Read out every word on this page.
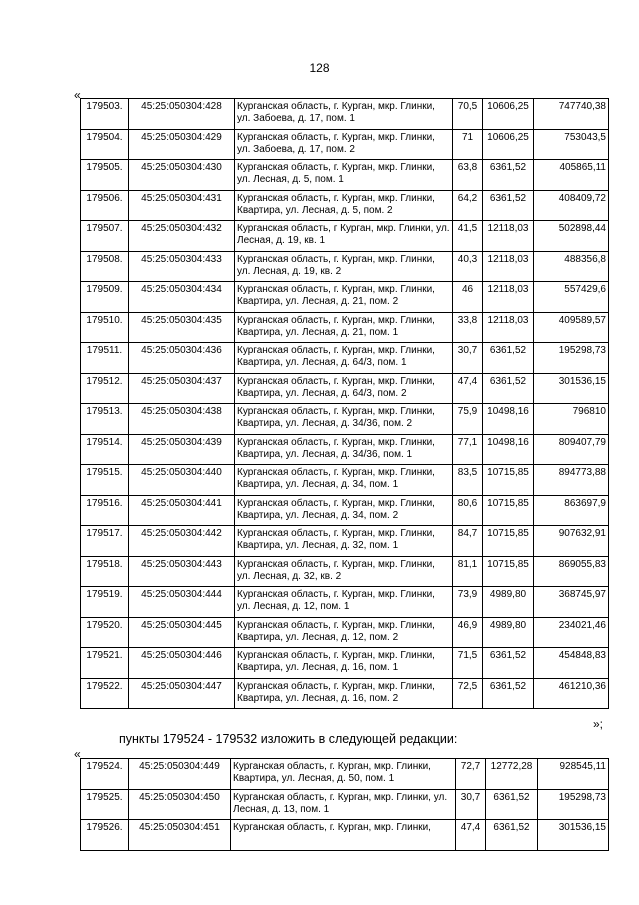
128
«
179503.	45:25:050304:428	Курганская область, г. Курган, мкр. Глинки, ул. Забоева, д. 17, пом. 1	70,5	10606,25	747740,38
179504.	45:25:050304:429	Курганская область, г. Курган, мкр. Глинки, ул. Забоева, д. 17, пом. 2	71	10606,25	753043,5
179505.	45:25:050304:430	Курганская область, г. Курган, мкр. Глинки, ул. Лесная, д. 5, пом. 1	63,8	6361,52	405865,11
179506.	45:25:050304:431	Курганская область, г. Курган, мкр. Глинки, Квартира, ул. Лесная, д. 5, пом. 2	64,2	6361,52	408409,72
179507.	45:25:050304:432	Курганская область, г Курган, мкр. Глинки, ул. Лесная, д. 19, кв. 1	41,5	12118,03	502898,44
179508.	45:25:050304:433	Курганская область, г. Курган, мкр. Глинки, ул. Лесная, д. 19, кв. 2	40,3	12118,03	488356,8
179509.	45:25:050304:434	Курганская область, г. Курган, мкр. Глинки, Квартира, ул. Лесная, д. 21, пом. 2	46	12118,03	557429,6
179510.	45:25:050304:435	Курганская область, г. Курган, мкр. Глинки, Квартира, ул. Лесная, д. 21, пом. 1	33,8	12118,03	409589,57
179511.	45:25:050304:436	Курганская область, г. Курган, мкр. Глинки, Квартира, ул. Лесная, д. 64/3, пом. 1	30,7	6361,52	195298,73
179512.	45:25:050304:437	Курганская область, г. Курган, мкр. Глинки, Квартира, ул. Лесная, д. 64/3, пом. 2	47,4	6361,52	301536,15
179513.	45:25:050304:438	Курганская область, г. Курган, мкр. Глинки, Квартира, ул. Лесная, д. 34/36, пом. 2	75,9	10498,16	796810
179514.	45:25:050304:439	Курганская область, г. Курган, мкр. Глинки, Квартира, ул. Лесная, д. 34/36, пом. 1	77,1	10498,16	809407,79
179515.	45:25:050304:440	Курганская область, г. Курган, мкр. Глинки, Квартира, ул. Лесная, д. 34, пом. 1	83,5	10715,85	894773,88
179516.	45:25:050304:441	Курганская область, г. Курган, мкр. Глинки, Квартира, ул. Лесная, д. 34, пом. 2	80,6	10715,85	863697,9
179517.	45:25:050304:442	Курганская область, г. Курган, мкр. Глинки, Квартира, ул. Лесная, д. 32, пом. 1	84,7	10715,85	907632,91
179518.	45:25:050304:443	Курганская область, г. Курган, мкр. Глинки, ул. Лесная, д. 32, кв. 2	81,1	10715,85	869055,83
179519.	45:25:050304:444	Курганская область, г. Курган, мкр. Глинки, ул. Лесная, д. 12, пом. 1	73,9	4989,80	368745,97
179520.	45:25:050304:445	Курганская область, г. Курган, мкр. Глинки, Квартира, ул. Лесная, д. 12, пом. 2	46,9	4989,80	234021,46
179521.	45:25:050304:446	Курганская область, г. Курган, мкр. Глинки, Квартира, ул. Лесная, д. 16, пом. 1	71,5	6361,52	454848,83
179522.	45:25:050304:447	Курганская область, г. Курган, мкр. Глинки, Квартира, ул. Лесная, д. 16, пом. 2	72,5	6361,52	461210,36
»;
пункты 179524 - 179532 изложить в следующей редакции:
«
179524.	45:25:050304:449	Курганская область, г. Курган, мкр. Глинки, Квартира, ул. Лесная, д. 50, пом. 1	72,7	12772,28	928545,11
179525.	45:25:050304:450	Курганская область, г. Курган, мкр. Глинки, ул. Лесная, д. 13, пом. 1	30,7	6361,52	195298,73
179526.	45:25:050304:451	Курганская область, г. Курган, мкр. Глинки,	47,4	6361,52	301536,15
